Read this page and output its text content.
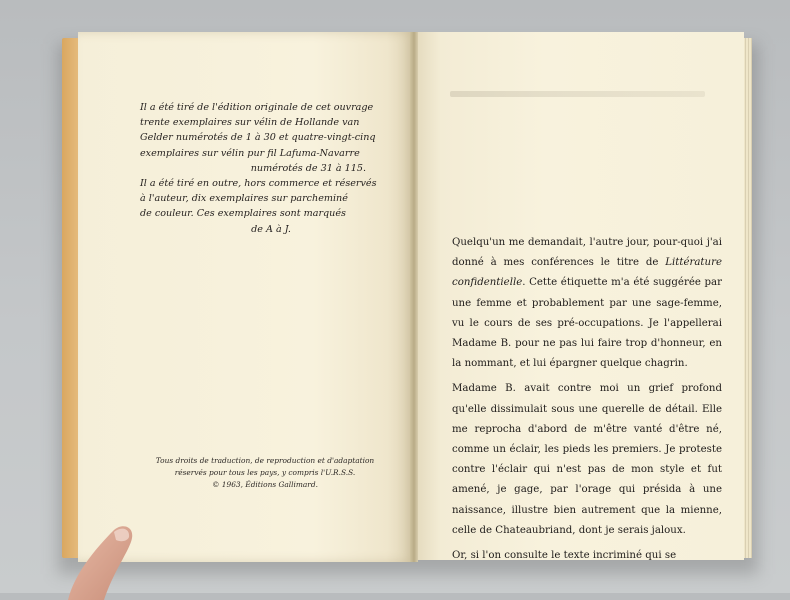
Il a été tiré de l'édition originale de cet ouvrage

trente exemplaires sur vélin de Hollande van

Gelder numérotés de 1 à 30 et quatre-vingt-cinq

exemplaires sur vélin pur fil Lafuma-Navarre

numérotés de 31 à 115.

Il a été tiré en outre, hors commerce et réservés

à l'auteur, dix exemplaires sur parcheminé

de couleur. Ces exemplaires sont marqués

de A à J.

Tous droits de traduction, de reproduction et d'adaptation
réservés pour tous les pays, y compris l'U.R.S.S.
© 1963, Éditions Gallimard.

Quelqu'un me demandait, l'autre jour, pour-quoi j'ai donné à mes conférences le titre de Littérature confidentielle. Cette étiquette m'a été suggérée par une femme et probablement par une sage-femme, vu le cours de ses pré-occupations. Je l'appellerai Madame B. pour ne pas lui faire trop d'honneur, en la nommant, et lui épargner quelque chagrin.

Madame B. avait contre moi un grief profond qu'elle dissimulait sous une querelle de détail. Elle me reprocha d'abord de m'être vanté d'être né, comme un éclair, les pieds les premiers. Je proteste contre l'éclair qui n'est pas de mon style et fut amené, je gage, par l'orage qui présida à une naissance, illustre bien autrement que la mienne, celle de Chateaubriand, dont je serais jaloux.

Or, si l'on consulte le texte incriminé qui se
